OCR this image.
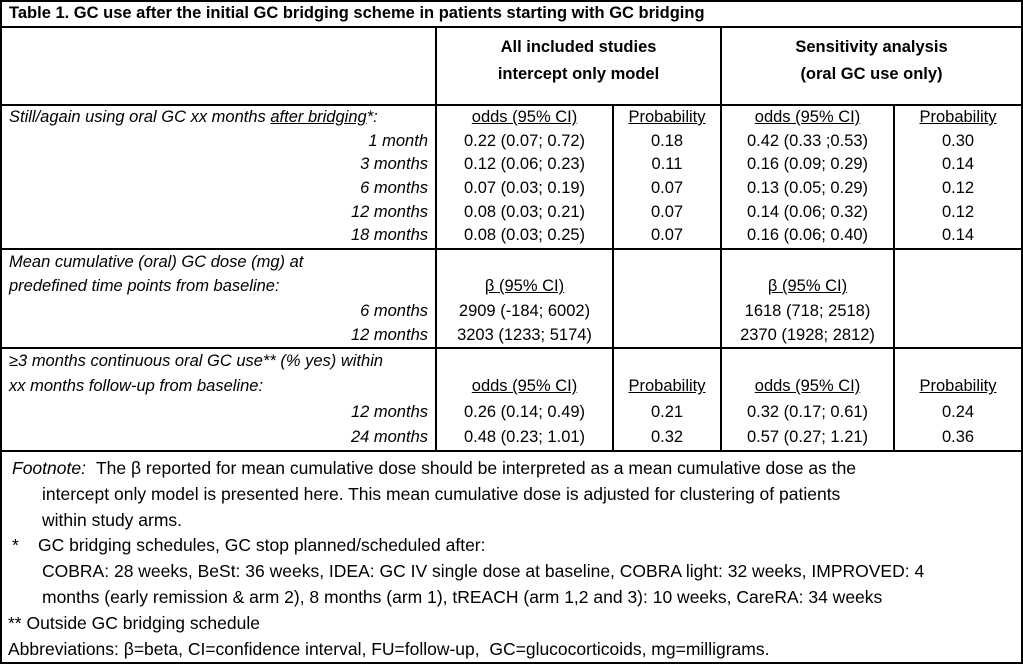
Table 1. GC use after the initial GC bridging scheme in patients starting with GC bridging
All included studies
intercept only model
Sensitivity analysis
(oral GC use only)
Still/again using oral GC xx months after bridging*:
1 month
3 months
6 months
12 months
18 months
odds (95% CI)
0.22 (0.07; 0.72)
0.12 (0.06; 0.23)
0.07 (0.03; 0.19)
0.08 (0.03; 0.21)
0.08 (0.03; 0.25)
Probability
0.18
0.11
0.07
0.07
0.07
odds (95% CI)
0.42 (0.33 ;0.53)
0.16 (0.09; 0.29)
0.13 (0.05; 0.29)
0.14 (0.06; 0.32)
0.16 (0.06; 0.40)
Probability
0.30
0.14
0.12
0.12
0.14
Mean cumulative (oral) GC dose (mg) at
predefined time points from baseline:
6 months
12 months
β (95% CI)
2909 (-184; 6002)
3203 (1233; 5174)
β (95% CI)
1618 (718; 2518)
2370 (1928; 2812)
≥3 months continuous oral GC use** (% yes) within
xx months follow-up from baseline:
12 months
24 months
odds (95% CI)
0.26 (0.14; 0.49)
0.48 (0.23; 1.01)
Probability
0.21
0.32
odds (95% CI)
0.32 (0.17; 0.61)
0.57 (0.27; 1.21)
Probability
0.24
0.36
Footnote: The β reported for mean cumulative dose should be interpreted as a mean cumulative dose as the
intercept only model is presented here. This mean cumulative dose is adjusted for clustering of patients
within study arms.
*	GC bridging schedules, GC stop planned/scheduled after:
COBRA: 28 weeks, BeSt: 36 weeks, IDEA: GC IV single dose at baseline, COBRA light: 32 weeks, IMPROVED: 4
months (early remission & arm 2), 8 months (arm 1), tREACH (arm 1,2 and 3): 10 weeks, CareRA: 34 weeks
** Outside GC bridging schedule
Abbreviations: β=beta, CI=confidence interval, FU=follow-up,  GC=glucocorticoids, mg=milligrams.
